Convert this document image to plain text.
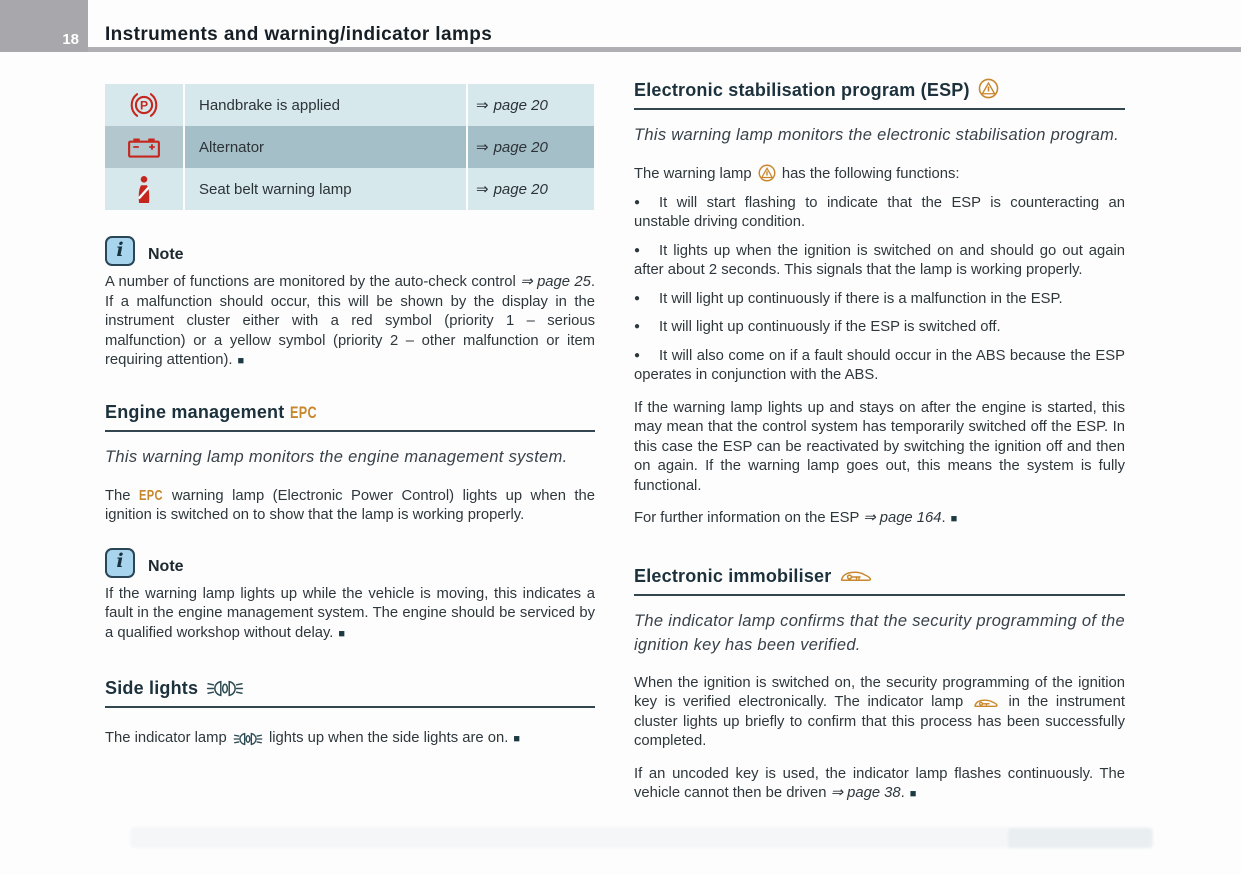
18 Instruments and warning/indicator lamps
P	Handbrake is applied	⇒ page 20
Alternator	⇒ page 20
Seat belt warning lamp	⇒ page 20
i Note

A number of functions are monitored by the auto-check control ⇒ page 25. If a malfunction should occur, this will be shown by the display in the instrument cluster either with a red symbol (priority 1 – serious malfunction) or a yellow symbol (priority 2 – other malfunction or item requiring attention). ■

Engine management EPC

This warning lamp monitors the engine management system.

The EPC warning lamp (Electronic Power Control) lights up when the ignition is switched on to show that the lamp is working properly.

i Note

If the warning lamp lights up while the vehicle is moving, this indicates a fault in the engine management system. The engine should be serviced by a qualified workshop without delay. ■

Side lights

The indicator lamp  lights up when the side lights are on. ■

Electronic stabilisation program (ESP)

This warning lamp monitors the electronic stabilisation program.

The warning lamp  has the following functions:

● It will start flashing to indicate that the ESP is counteracting an unstable driving condition.

● It lights up when the ignition is switched on and should go out again after about 2 seconds. This signals that the lamp is working properly.

● It will light up continuously if there is a malfunction in the ESP.

● It will light up continuously if the ESP is switched off.

● It will also come on if a fault should occur in the ABS because the ESP operates in conjunction with the ABS.

If the warning lamp lights up and stays on after the engine is started, this may mean that the control system has temporarily switched off the ESP. In this case the ESP can be reactivated by switching the ignition off and then on again. If the warning lamp goes out, this means the system is fully functional.

For further information on the ESP ⇒ page 164. ■

Electronic immobiliser

The indicator lamp confirms that the security programming of the ignition key has been verified.

When the ignition is switched on, the security programming of the ignition key is verified electronically. The indicator lamp  in the instrument cluster lights up briefly to confirm that this process has been successfully completed.

If an uncoded key is used, the indicator lamp flashes continuously. The vehicle cannot then be driven ⇒ page 38. ■
